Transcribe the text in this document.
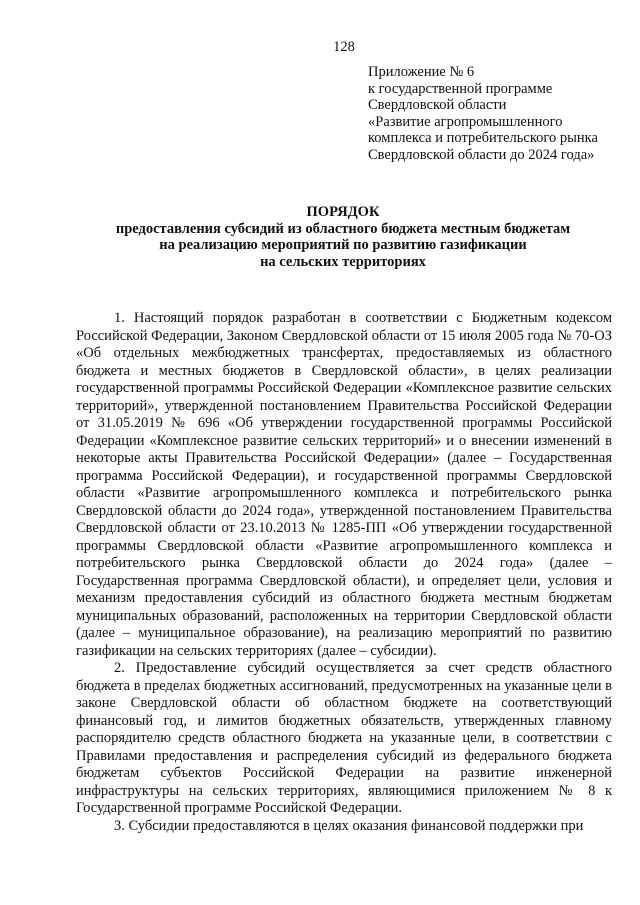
128
Приложение № 6
к государственной программе
Свердловской области
«Развитие агропромышленного
комплекса и потребительского рынка
Свердловской области до 2024 года»
ПОРЯДОК
предоставления субсидий из областного бюджета местным бюджетам
на реализацию мероприятий по развитию газификации
на сельских территориях

1. Настоящий порядок разработан в соответствии с Бюджетным кодексом Российской Федерации, Законом Свердловской области от 15 июля 2005 года № 70-ОЗ «Об отдельных межбюджетных трансфертах, предоставляемых из областного бюджета и местных бюджетов в Свердловской области», в целях реализации государственной программы Российской Федерации «Комплексное развитие сельских территорий», утвержденной постановлением Правительства Российской Федерации от 31.05.2019 № 696 «Об утверждении государственной программы Российской Федерации «Комплексное развитие сельских территорий» и о внесении изменений в некоторые акты Правительства Российской Федерации» (далее – Государственная программа Российской Федерации), и государственной программы Свердловской области «Развитие агропромышленного комплекса и потребительского рынка Свердловской области до 2024 года», утвержденной постановлением Правительства Свердловской области от 23.10.2013 № 1285-ПП «Об утверждении государственной программы Свердловской области «Развитие агропромышленного комплекса и потребительского рынка Свердловской области до 2024 года» (далее – Государственная программа Свердловской области), и определяет цели, условия и механизм предоставления субсидий из областного бюджета местным бюджетам муниципальных образований, расположенных на территории Свердловской области (далее – муниципальное образование), на реализацию мероприятий по развитию газификации на сельских территориях (далее – субсидии).

2. Предоставление субсидий осуществляется за счет средств областного бюджета в пределах бюджетных ассигнований, предусмотренных на указанные цели в законе Свердловской области об областном бюджете на соответствующий финансовый год, и лимитов бюджетных обязательств, утвержденных главному распорядителю средств областного бюджета на указанные цели, в соответствии с Правилами предоставления и распределения субсидий из федерального бюджета бюджетам субъектов Российской Федерации на развитие инженерной инфраструктуры на сельских территориях, являющимися приложением № 8 к Государственной программе Российской Федерации.

3. Субсидии предоставляются в целях оказания финансовой поддержки при
